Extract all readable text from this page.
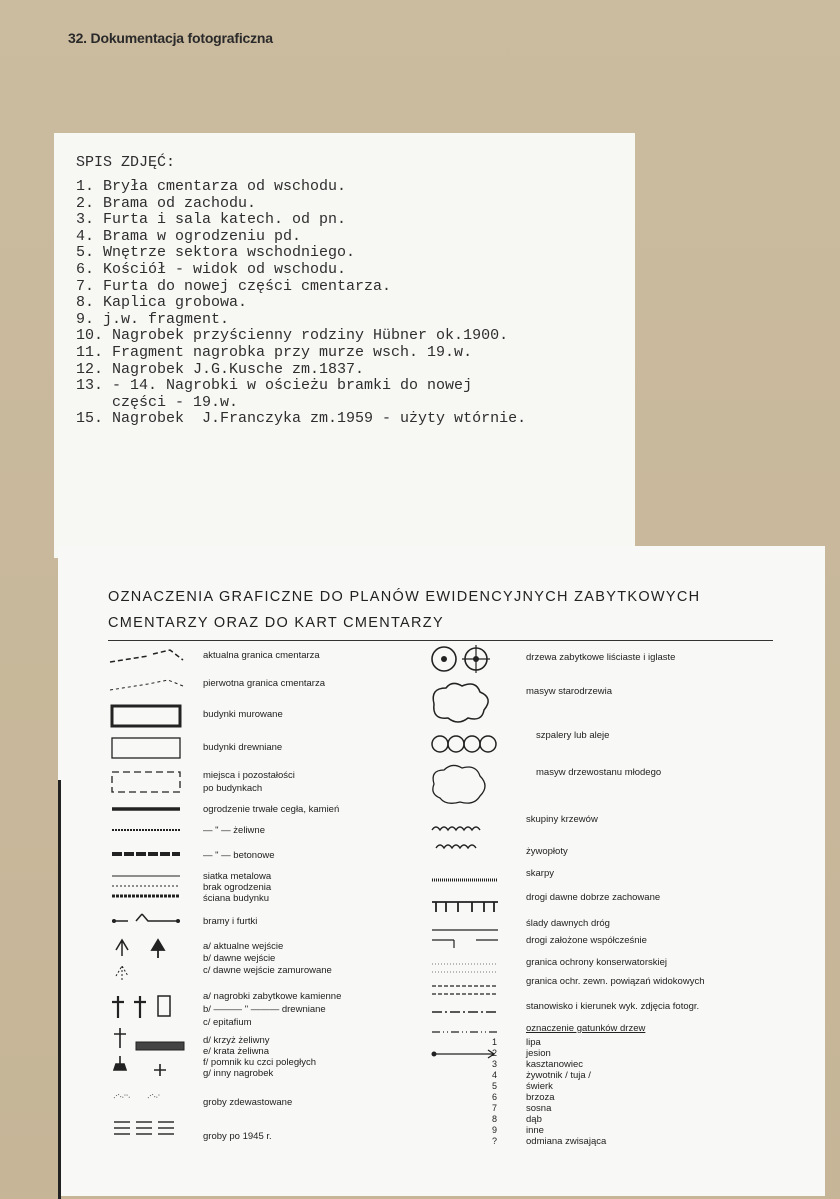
32. Dokumentacja fotograficzna
SPIS ZDJĘĆ:
1. Bryła cmentarza od wschodu.
2. Brama od zachodu.
3. Furta i sala katech. od pn.
4. Brama w ogrodzeniu pd.
5. Wnętrze sektora wschodniego.
6. Kościół - widok od wschodu.
7. Furta do nowej części cmentarza.
8. Kaplica grobowa.
9. j.w. fragment.
10. Nagrobek przyścienny rodziny Hübner ok.1900.
11. Fragment nagrobka przy murze wsch. 19.w.
12. Nagrobek J.G.Kusche zm.1837.
13. - 14. Nagrobki w ościeżu bramki do nowej
części - 19.w.
15. Nagrobek  J.Franczyka zm.1959 - użyty wtórnie.
OZNACZENIA GRAFICZNE DO PLANÓW EWIDENCYJNYCH ZABYTKOWYCH
CMENTARZY ORAZ DO KART CMENTARZY
aktualna granica cmentarza
pierwotna granica cmentarza
budynki murowane
budynki drewniane
miejsca i pozostałości
po budynkach
ogrodzenie trwałe cegła, kamień
— " — żeliwne
— " — betonowe
siatka metalowa
brak ogrodzenia
ściana budynku
bramy i furtki
a/ aktualne wejście
b/ dawne wejście
c/ dawne wejście zamurowane
a/ nagrobki zabytkowe kamienne
b/ ——— " ——— drewniane
c/ epitafium
d/ krzyż żeliwny
e/ krata żeliwna
f/ pomnik ku czci poległych
g/ inny nagrobek
groby zdewastowane
groby po 1945 r.
drzewa zabytkowe liściaste i iglaste
masyw starodrzewia
szpalery lub aleje
masyw drzewostanu młodego
skupiny krzewów
żywopłoty
skarpy
drogi dawne dobrze zachowane
ślady dawnych dróg
drogi założone współcześnie
granica ochrony konserwatorskiej
granica ochr. zewn. powiązań widokowych
stanowisko i kierunek wyk. zdjęcia fotogr.
oznaczenie gatunków drzew
1	lipa
2	jesion
3	kasztanowiec
4	żywotnik / tuja /
5	świerk
6	brzoza
7	sosna
8	dąb
9	inne
?	odmiana zwisająca
